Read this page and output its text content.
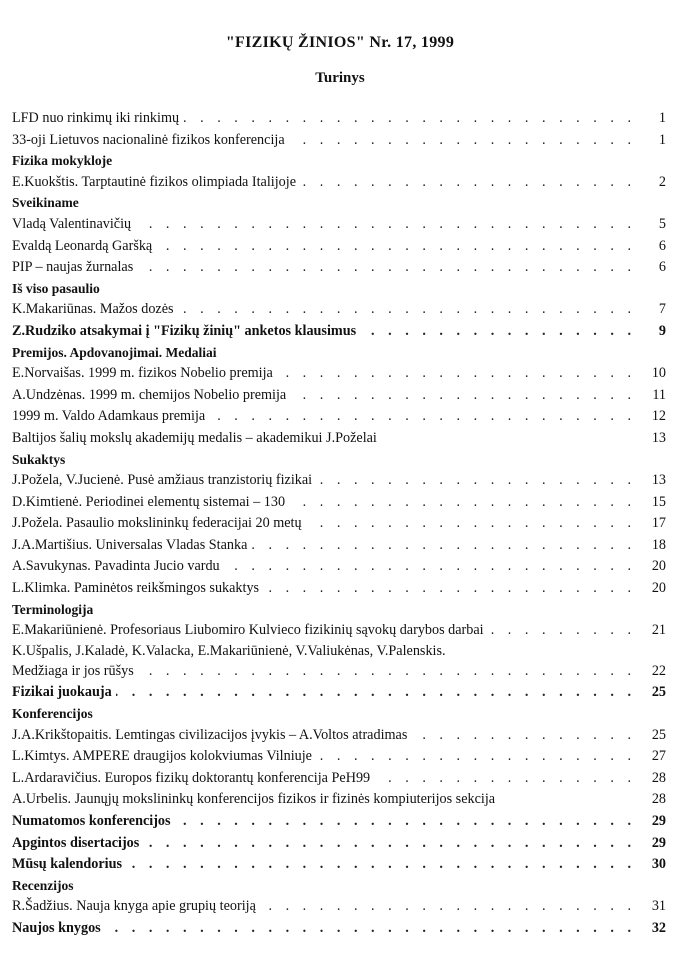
"FIZIKŲ ŽINIOS" Nr. 17, 1999
Turinys
. . .
LFD nuo rinkimų iki rinkimų	1
. . .
33-oji Lietuvos nacionalinė fizikos konferencija	1
Fizika mokykloje
. . .
E.Kuokštis. Tarptautinė fizikos olimpiada Italijoje	2
Sveikiname
. . .
Vladą Valentinavičių	5
. . .
Evaldą Leonardą Garšką	6
. . .
PIP – naujas žurnalas	6
Iš viso pasaulio
. . .
K.Makariūnas. Mažos dozės	7
. . .
Z.Rudziko atsakymai į "Fizikų žinių" anketos klausimus	9
Premijos. Apdovanojimai. Medaliai
. . .
E.Norvaišas. 1999 m. fizikos Nobelio premija	10
. . .
A.Undzėnas. 1999 m. chemijos Nobelio premija	11
. . .
1999 m. Valdo Adamkaus premija	12
Baltijos šalių mokslų akademijų medalis – akademikui J.Poželai	13
Sukaktys
. . .
J.Požela, V.Jucienė. Pusė amžiaus tranzistorių fizikai	13
. . .
D.Kimtienė. Periodinei elementų sistemai – 130	15
. . .
J.Požela. Pasaulio mokslininkų federacijai 20 metų	17
. . .
J.A.Martišius. Universalas Vladas Stanka	18
. . .
A.Savukynas. Pavadinta Jucio vardu	20
. . .
L.Klimka. Paminėtos reikšmingos sukaktys	20
Terminologija
. . .
E.Makariūnienė. Profesoriaus Liubomiro Kulvieco fizikinių sąvokų darybos darbai	21
K.Ušpalis, J.Kaladė, K.Valacka, E.Makariūnienė, V.Valiukėnas, V.Palenskis.
. . .
Medžiaga ir jos rūšys	22
. . .
Fizikai juokauja	25
Konferencijos
. . .
J.A.Krikštopaitis. Lemtingas civilizacijos įvykis – A.Voltos atradimas	25
. . .
L.Kimtys. AMPERE draugijos kolokviumas Vilniuje	27
. . .
L.Ardaravičius. Europos fizikų doktorantų konferencija PeH99	28
A.Urbelis. Jaunųjų mokslininkų konferencijos fizikos ir fizinės kompiuterijos sekcija	28
. . .
Numatomos konferencijos	29
. . .
Apgintos disertacijos	29
. . .
Mūsų kalendorius	30
Recenzijos
. . .
R.Šadžius. Nauja knyga apie grupių teoriją	31
. . .
Naujos knygos	32
